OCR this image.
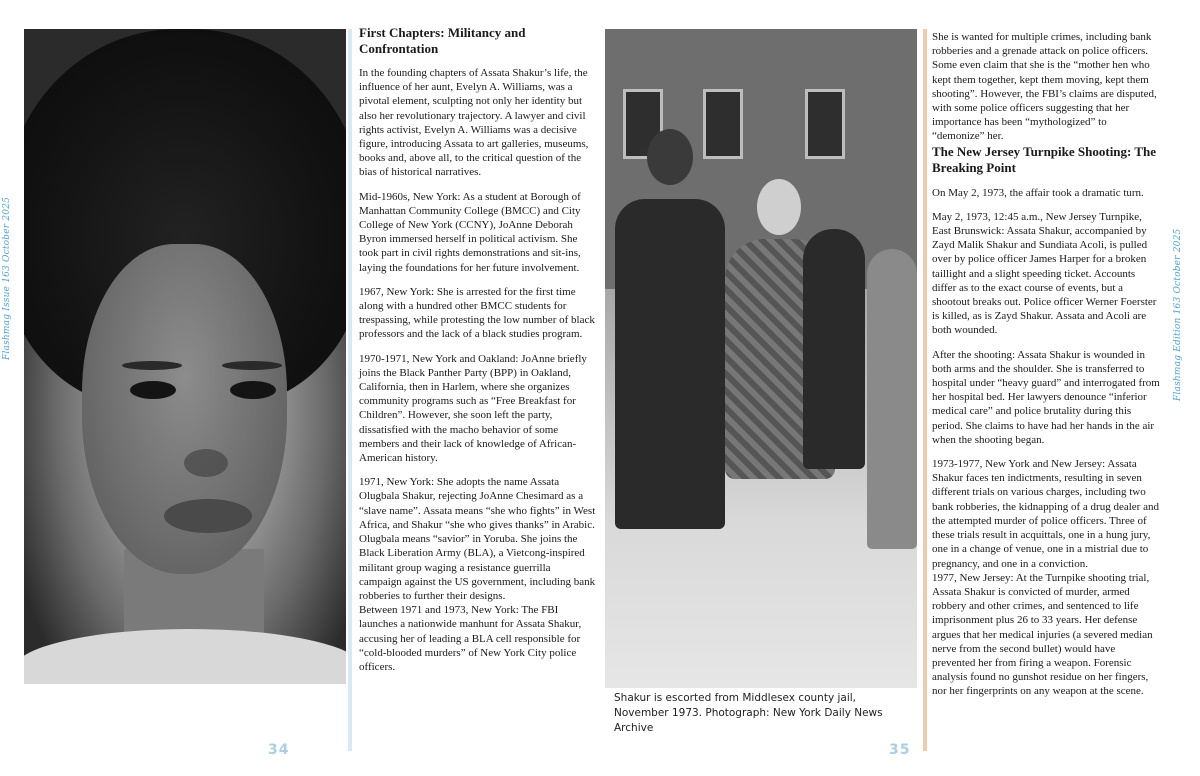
Flashmag Issue 163 October 2025	Flashmag Edition 163 October 2025
First Chapters: Militancy and Confrontation

In the founding chapters of Assata Shakur’s life, the influence of her aunt, Evelyn A. Williams, was a pivotal element, sculpting not only her identity but also her revolutionary trajectory. A lawyer and civil rights activist, Evelyn A. Williams was a decisive figure, introducing Assata to art galleries, museums, books and, above all, to the critical question of the bias of historical narratives.

Mid-1960s, New York: As a student at Borough of Manhattan Community College (BMCC) and City College of New York (CCNY), JoAnne Deborah Byron immersed herself in political activism. She took part in civil rights demonstrations and sit-ins, laying the foundations for her future involvement.

1967, New York: She is arrested for the first time along with a hundred other BMCC students for trespassing, while protesting the low number of black professors and the lack of a black studies program.

1970-1971, New York and Oakland: JoAnne briefly joins the Black Panther Party (BPP) in Oakland, California, then in Harlem, where she organizes community programs such as “Free Breakfast for Children”. However, she soon left the party, dissatisfied with the macho behavior of some members and their lack of knowledge of African-American history.

1971, New York: She adopts the name Assata Olugbala Shakur, rejecting JoAnne Chesimard as a “slave name”. Assata means “she who fights” in West Africa, and Shakur “she who gives thanks” in Arabic. Olugbala means “savior” in Yoruba. She joins the Black Liberation Army (BLA), a Vietcong-inspired militant group waging a resistance guerrilla campaign against the US government, including bank robberies to further their designs.

Between 1971 and 1973, New York: The FBI launches a nationwide manhunt for Assata Shakur, accusing her of leading a BLA cell responsible for “cold-blooded murders” of New York City police officers.

34
Shakur is escorted from Middlesex county jail, November 1973. Photograph: New York Daily News Archive

She is wanted for multiple crimes, including bank robberies and a grenade attack on police officers. Some even claim that she is the “mother hen who kept them together, kept them moving, kept them shooting”. However, the FBI’s claims are disputed, with some police officers suggesting that her importance has been “mythologized” to “demonize” her.

The New Jersey Turnpike Shooting: The Breaking Point

On May 2, 1973, the affair took a dramatic turn.

May 2, 1973, 12:45 a.m., New Jersey Turnpike, East Brunswick: Assata Shakur, accompanied by Zayd Malik Shakur and Sundiata Acoli, is pulled over by police officer James Harper for a broken taillight and a slight speeding ticket. Accounts differ as to the exact course of events, but a shootout breaks out. Police officer Werner Foerster is killed, as is Zayd Shakur. Assata and Acoli are both wounded.

After the shooting: Assata Shakur is wounded in both arms and the shoulder. She is transferred to hospital under “heavy guard” and interrogated from her hospital bed. Her lawyers denounce “inferior medical care” and police brutality during this period. She claims to have had her hands in the air when the shooting began.

1973-1977, New York and New Jersey: Assata Shakur faces ten indictments, resulting in seven different trials on various charges, including two bank robberies, the kidnapping of a drug dealer and the attempted murder of police officers. Three of these trials result in acquittals, one in a hung jury, one in a change of venue, one in a mistrial due to pregnancy, and one in a conviction.

1977, New Jersey: At the Turnpike shooting trial, Assata Shakur is convicted of murder, armed robbery and other crimes, and sentenced to life imprisonment plus 26 to 33 years. Her defense argues that her medical injuries (a severed median nerve from the second bullet) would have prevented her from firing a weapon. Forensic analysis found no gunshot residue on her fingers, nor her fingerprints on any weapon at the scene.

35
